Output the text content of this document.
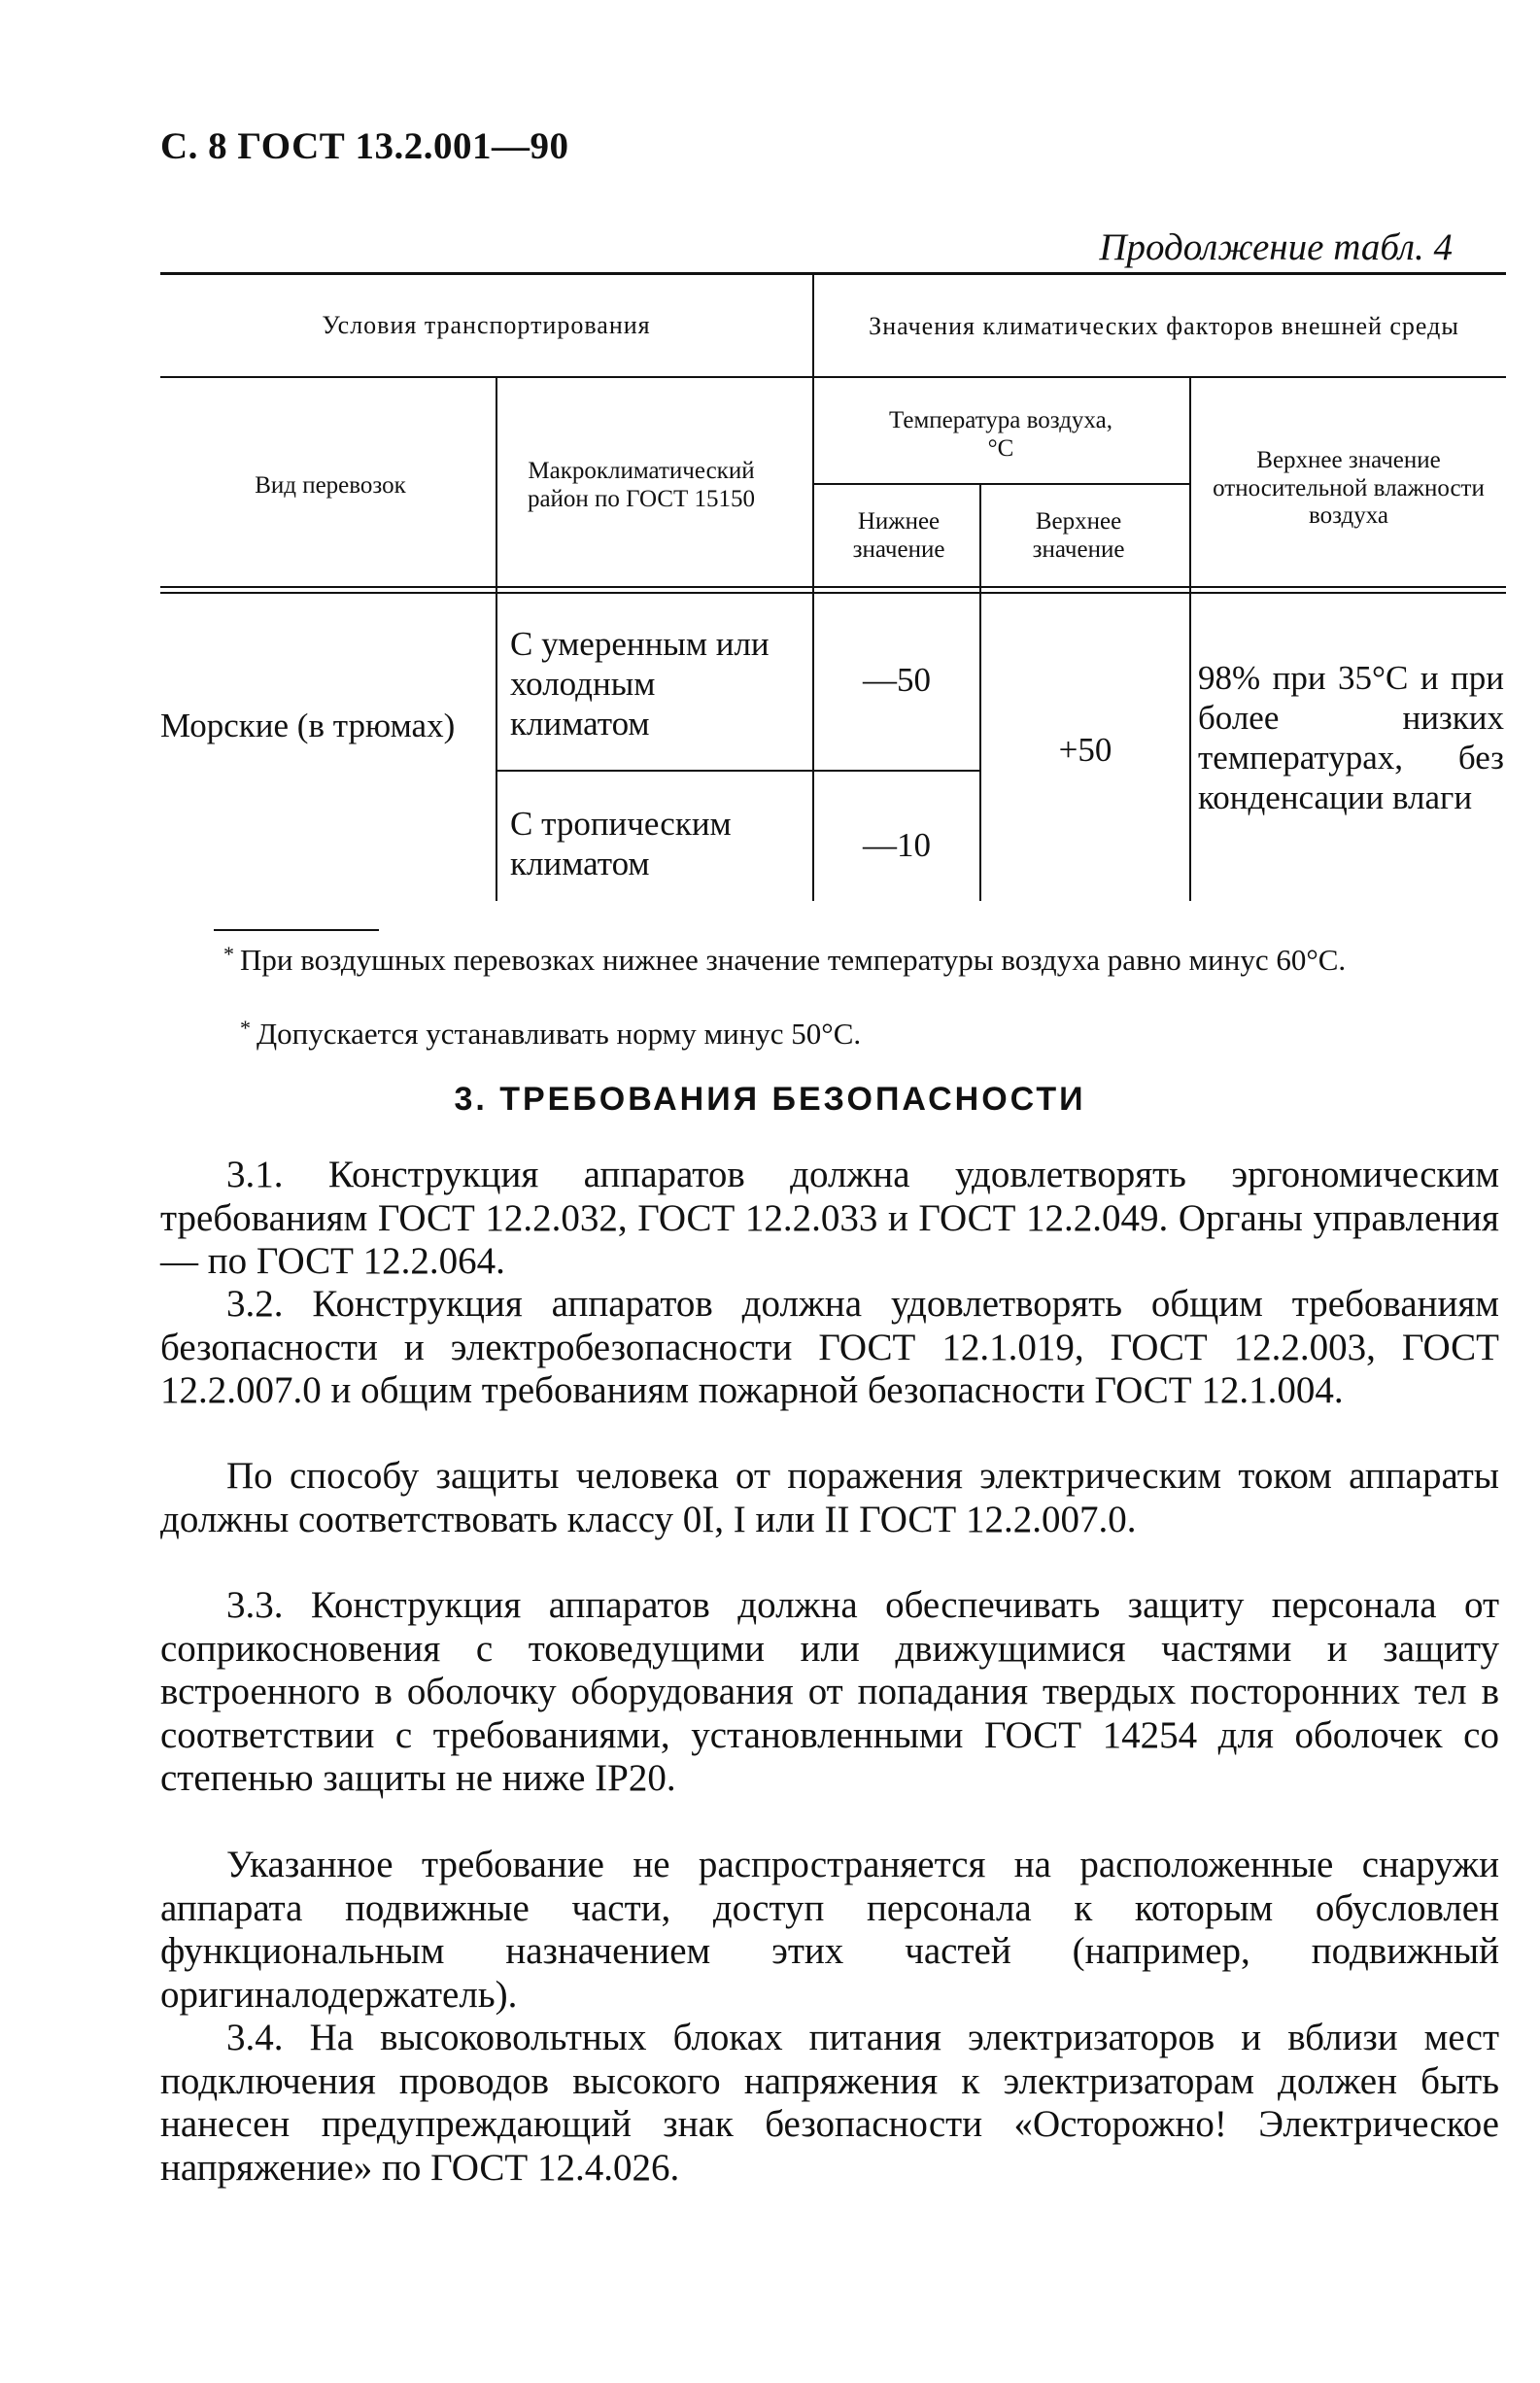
С. 8 ГОСТ 13.2.001—90
Продолжение табл. 4
Условия транспортирования	Значения климатических факторов внешней среды
Вид перевозок
Макроклиматический район по ГОСТ 15150
Температура воздуха, °С
Нижнее значение
Верхнее значение
Верхнее значение относительной влажности воздуха
Морские (в трюмах)
С умеренным или холодным климатом
—50
С тропическим климатом	—10
+50
98% при 35°С и при более низких температурах, без конденсации влаги
* При воздушных перевозках нижнее значение температуры воздуха равно минус 60°С.
* Допускается устанавливать норму минус 50°С.
3. ТРЕБОВАНИЯ БЕЗОПАСНОСТИ

3.1. Конструкция аппаратов должна удовлетворять эргономическим требованиям ГОСТ 12.2.032, ГОСТ 12.2.033 и ГОСТ 12.2.049. Органы управления — по ГОСТ 12.2.064.

3.2. Конструкция аппаратов должна удовлетворять общим требованиям безопасности и электробезопасности ГОСТ 12.1.019, ГОСТ 12.2.003, ГОСТ 12.2.007.0 и общим требованиям пожарной безопасности ГОСТ 12.1.004.

По способу защиты человека от поражения электрическим током аппараты должны соответствовать классу 0I, I или II ГОСТ 12.2.007.0.

3.3. Конструкция аппаратов должна обеспечивать защиту персонала от соприкосновения с токоведущими или движущимися частями и защиту встроенного в оболочку оборудования от попадания твердых посторонних тел в соответствии с требованиями, установленными ГОСТ 14254 для оболочек со степенью защиты не ниже IP20.

Указанное требование не распространяется на расположенные снаружи аппарата подвижные части, доступ персонала к которым обусловлен функциональным назначением этих частей (например, подвижный оригиналодержатель).

3.4. На высоковольтных блоках питания электризаторов и вблизи мест подключения проводов высокого напряжения к электризаторам должен быть нанесен предупреждающий знак безопасности «Осторожно! Электрическое напряжение» по ГОСТ 12.4.026.
